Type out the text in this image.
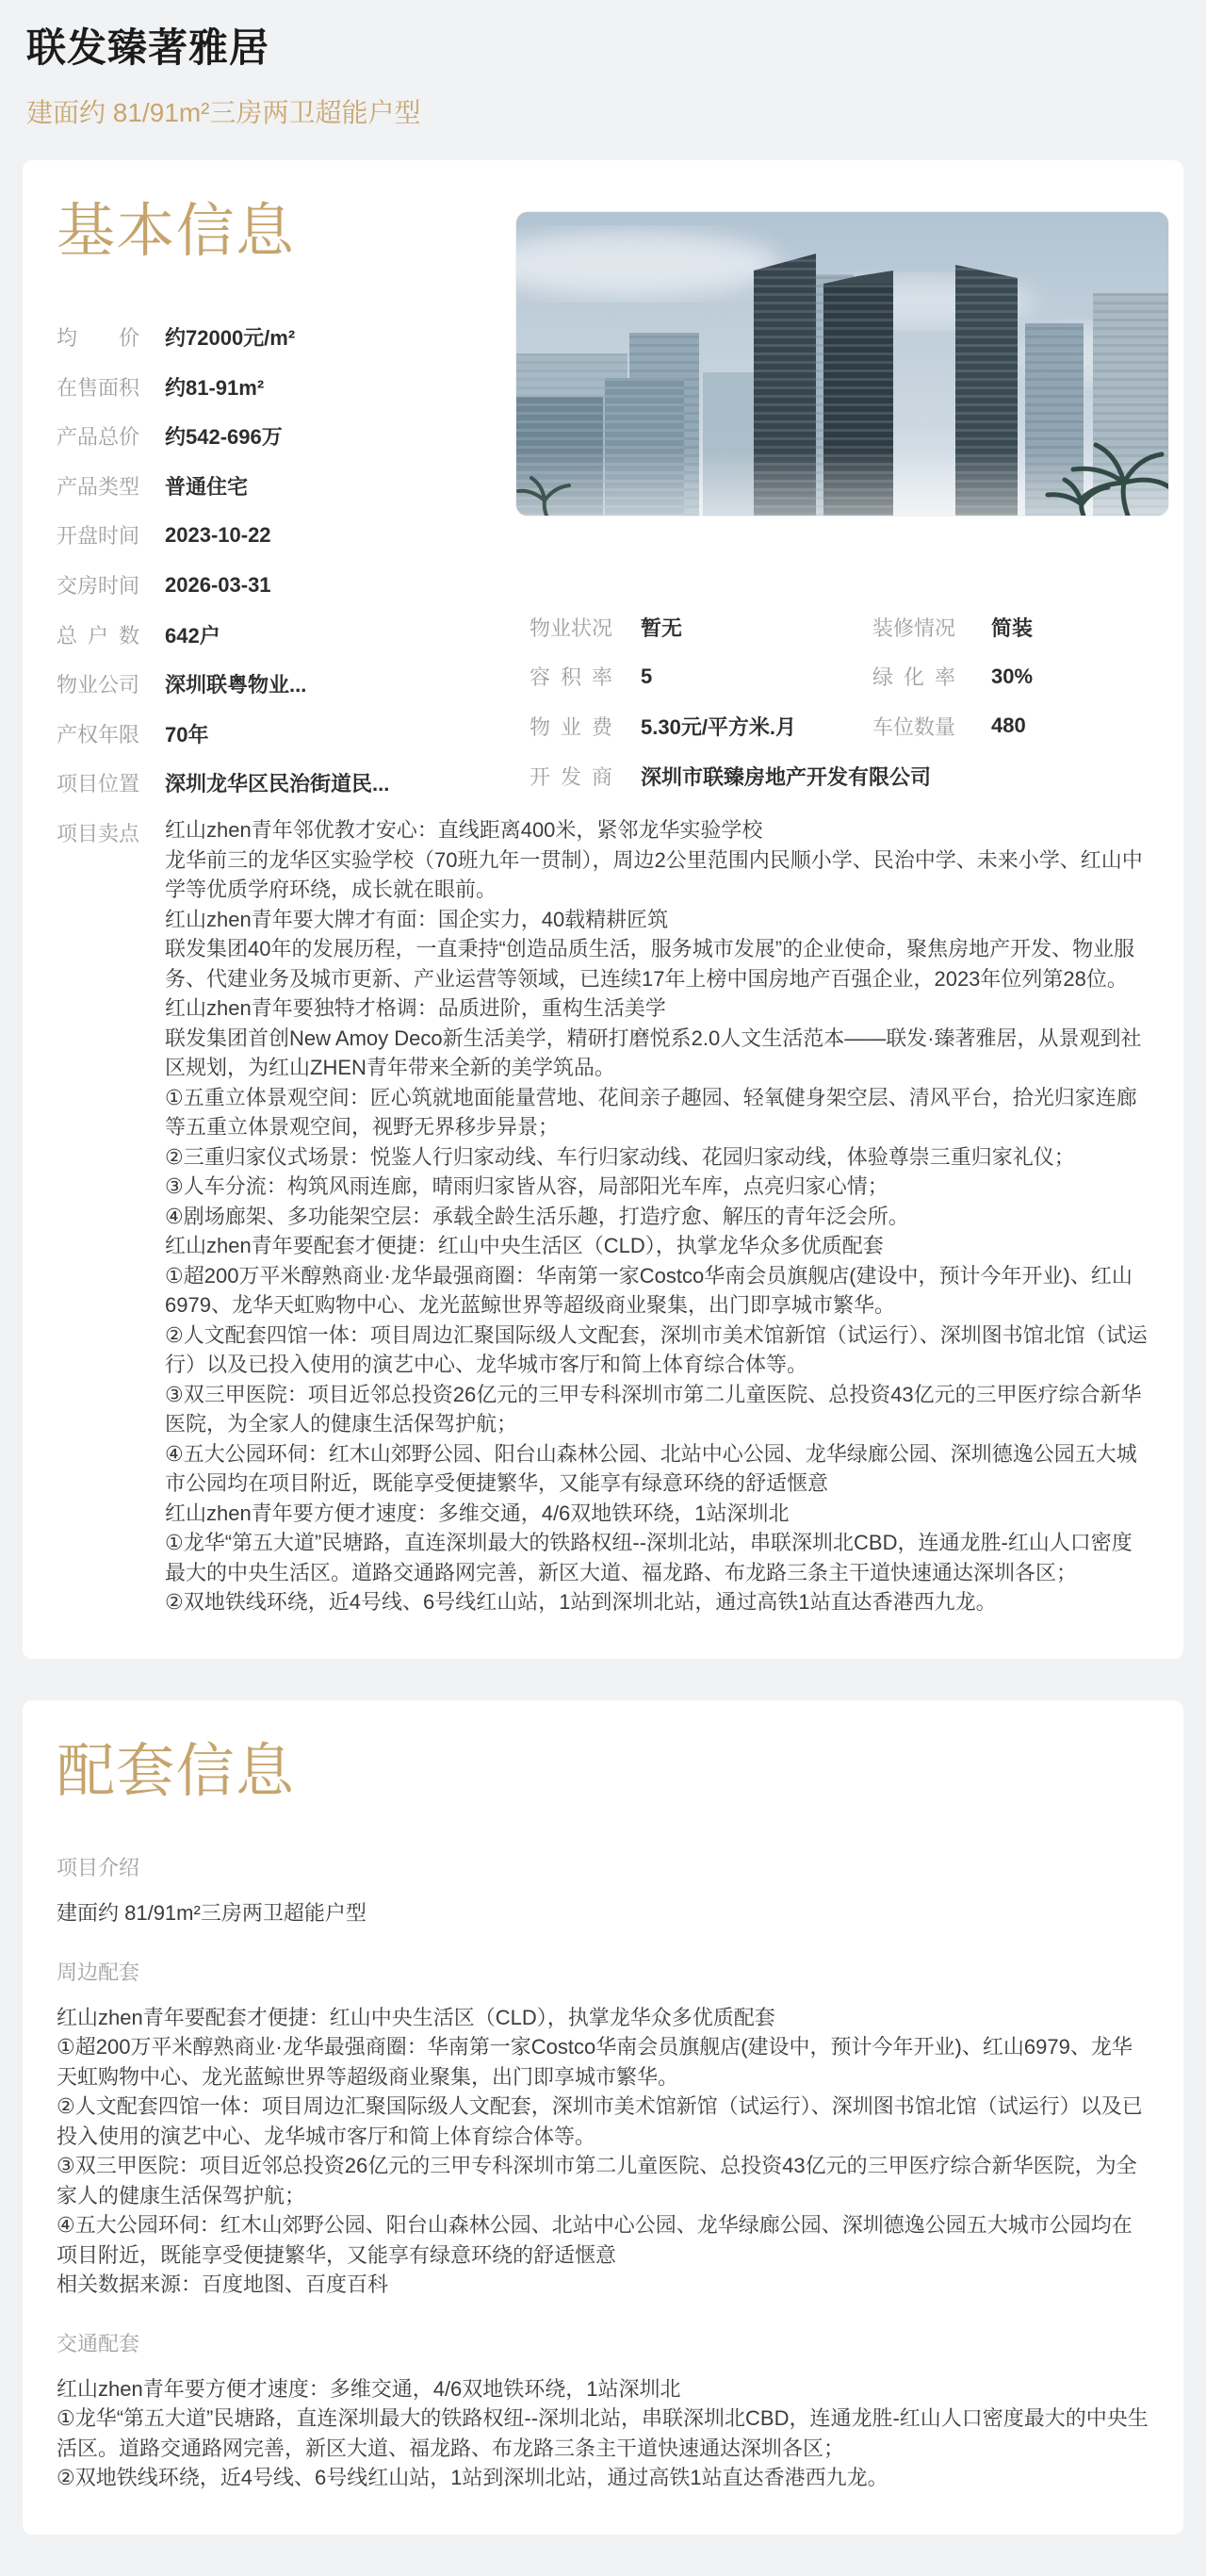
联发臻著雅居

建面约 81/91m²三房两卫超能户型

基本信息
均价 约72000元/m²
在售面积 约81-91m²
产品总价 约542-696万
产品类型 普通住宅
开盘时间 2023-10-22
交房时间 2026-03-31
总户数 642户
物业公司 深圳联粤物业...
产权年限 70年
项目位置 深圳龙华区民治街道民...
物业状况 暂无	装修情况 简装
容积率 5	绿化率 30%
物业费 5.30元/平方米.月	车位数量 480
开发商 深圳市联臻房地产开发有限公司
项目卖点 红山zhen青年邻优教才安心：直线距离400米，紧邻龙华实验学校
龙华前三的龙华区实验学校（70班九年一贯制），周边2公里范围内民顺小学、民治中学、未来小学、红山中学等优质学府环绕，成长就在眼前。
红山zhen青年要大牌才有面：国企实力，40载精耕匠筑
联发集团40年的发展历程，一直秉持“创造品质生活，服务城市发展”的企业使命，聚焦房地产开发、物业服务、代建业务及城市更新、产业运营等领域，已连续17年上榜中国房地产百强企业，2023年位列第28位。
红山zhen青年要独特才格调：品质进阶，重构生活美学
联发集团首创New Amoy Deco新生活美学，精研打磨悦系2.0人文生活范本——联发·臻著雅居，从景观到社区规划，为红山ZHEN青年带来全新的美学筑品。
①五重立体景观空间：匠心筑就地面能量营地、花间亲子趣园、轻氧健身架空层、清风平台，拾光归家连廊等五重立体景观空间，视野无界移步异景；
②三重归家仪式场景：悦鉴人行归家动线、车行归家动线、花园归家动线，体验尊崇三重归家礼仪；
③人车分流：构筑风雨连廊，晴雨归家皆从容，局部阳光车库，点亮归家心情；
④剧场廊架、多功能架空层：承载全龄生活乐趣，打造疗愈、解压的青年泛会所。
红山zhen青年要配套才便捷：红山中央生活区（CLD），执掌龙华众多优质配套
①超200万平米醇熟商业·龙华最强商圈：华南第一家Costco华南会员旗舰店(建设中，预计今年开业)、红山6979、龙华天虹购物中心、龙光蓝鲸世界等超级商业聚集，出门即享城市繁华。
②人文配套四馆一体：项目周边汇聚国际级人文配套，深圳市美术馆新馆（试运行）、深圳图书馆北馆（试运行）以及已投入使用的演艺中心、龙华城市客厅和简上体育综合体等。
③双三甲医院：项目近邻总投资26亿元的三甲专科深圳市第二儿童医院、总投资43亿元的三甲医疗综合新华医院，为全家人的健康生活保驾护航；
④五大公园环伺：红木山郊野公园、阳台山森林公园、北站中心公园、龙华绿廊公园、深圳德逸公园五大城市公园均在项目附近，既能享受便捷繁华，又能享有绿意环绕的舒适惬意
红山zhen青年要方便才速度：多维交通，4/6双地铁环绕，1站深圳北
①龙华“第五大道”民塘路，直连深圳最大的铁路权纽--深圳北站，串联深圳北CBD，连通龙胜-红山人口密度最大的中央生活区。道路交通路网完善，新区大道、福龙路、布龙路三条主干道快速通达深圳各区；
②双地铁线环绕，近4号线、6号线红山站，1站到深圳北站，通过高铁1站直达香港西九龙。
配套信息
项目介绍
建面约 81/91m²三房两卫超能户型
周边配套
红山zhen青年要配套才便捷：红山中央生活区（CLD），执掌龙华众多优质配套
①超200万平米醇熟商业·龙华最强商圈：华南第一家Costco华南会员旗舰店(建设中，预计今年开业)、红山6979、龙华天虹购物中心、龙光蓝鲸世界等超级商业聚集，出门即享城市繁华。
②人文配套四馆一体：项目周边汇聚国际级人文配套，深圳市美术馆新馆（试运行）、深圳图书馆北馆（试运行）以及已投入使用的演艺中心、龙华城市客厅和简上体育综合体等。
③双三甲医院：项目近邻总投资26亿元的三甲专科深圳市第二儿童医院、总投资43亿元的三甲医疗综合新华医院，为全家人的健康生活保驾护航；
④五大公园环伺：红木山郊野公园、阳台山森林公园、北站中心公园、龙华绿廊公园、深圳德逸公园五大城市公园均在项目附近，既能享受便捷繁华，又能享有绿意环绕的舒适惬意
相关数据来源：百度地图、百度百科
交通配套
红山zhen青年要方便才速度：多维交通，4/6双地铁环绕，1站深圳北
①龙华“第五大道”民塘路，直连深圳最大的铁路权纽--深圳北站，串联深圳北CBD，连通龙胜-红山人口密度最大的中央生活区。道路交通路网完善，新区大道、福龙路、布龙路三条主干道快速通达深圳各区；
②双地铁线环绕，近4号线、6号线红山站，1站到深圳北站，通过高铁1站直达香港西九龙。
